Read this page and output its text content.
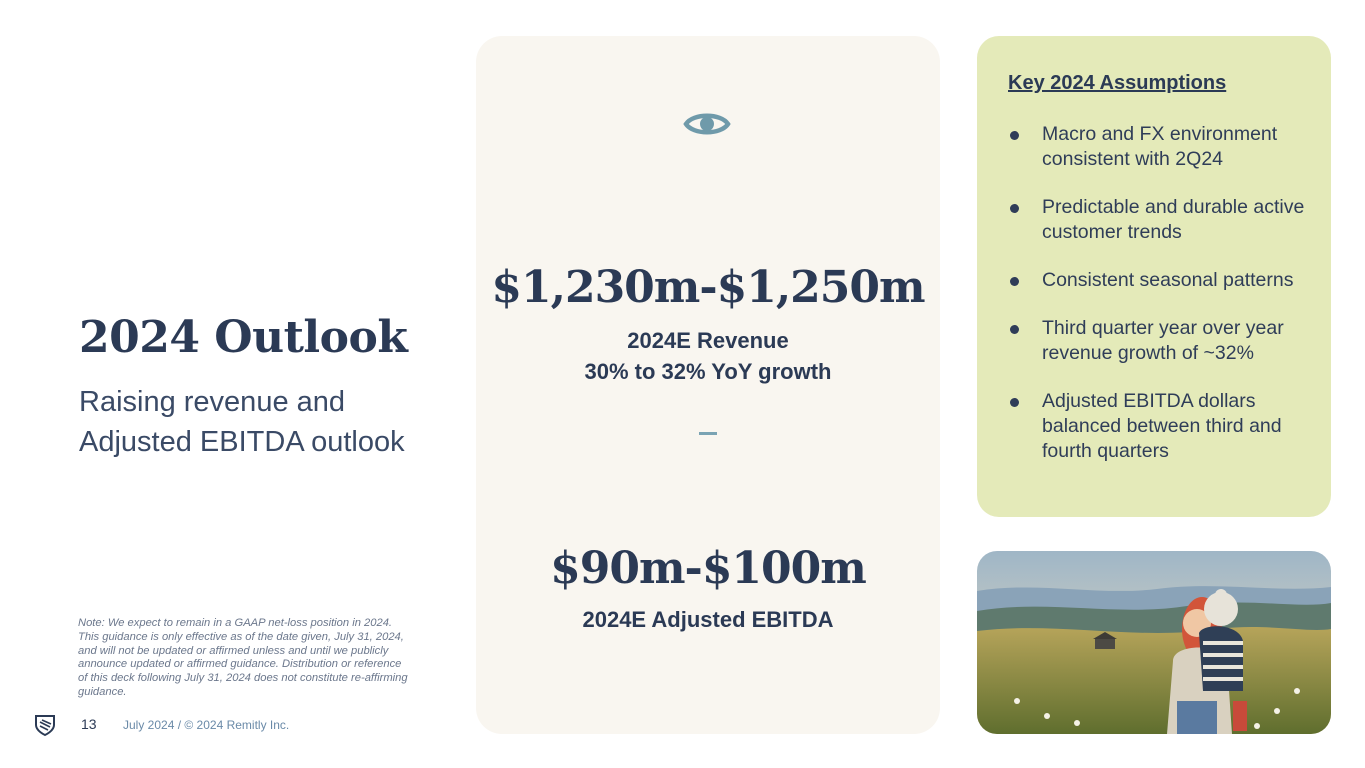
2024 Outlook
Raising revenue and Adjusted EBITDA outlook
Note: We expect to remain in a GAAP net-loss position in 2024. This guidance is only effective as of the date given, July 31, 2024, and will not be updated or affirmed unless and until we publicly announce updated or affirmed guidance. Distribution or reference of this deck following July 31, 2024 does not constitute re-affirming guidance.
13 July 2024 / © 2024 Remitly Inc.
$1,230m-$1,250m
2024E Revenue
30% to 32% YoY growth
$90m-$100m
2024E Adjusted EBITDA
Key 2024 Assumptions
Macro and FX environment consistent with 2Q24
Predictable and durable active customer trends
Consistent seasonal patterns
Third quarter year over year revenue growth of ~32%
Adjusted EBITDA dollars balanced between third and fourth quarters
